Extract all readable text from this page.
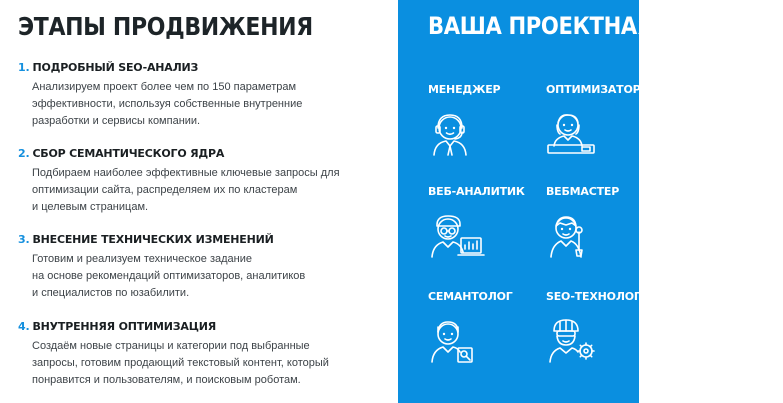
ЭТАПЫ ПРОДВИЖЕНИЯ
1. ПОДРОБНЫЙ SEO-АНАЛИЗ
Анализируем проект более чем по 150 параметрам
эффективности, используя собственные внутренние
разработки и сервисы компании.
2. СБОР СЕМАНТИЧЕСКОГО ЯДРА
Подбираем наиболее эффективные ключевые запросы для
оптимизации сайта, распределяем их по кластерам
и целевым страницам.
3. ВНЕСЕНИЕ ТЕХНИЧЕСКИХ ИЗМЕНЕНИЙ
Готовим и реализуем техническое задание
на основе рекомендаций оптимизаторов, аналитиков
и специалистов по юзабилити.
4. ВНУТРЕННЯЯ ОПТИМИЗАЦИЯ
Создаём новые страницы и категории под выбранные
запросы, готовим продающий текстовый контент, который
понравится и пользователям, и поисковым роботам.
ВАША ПРОЕКТНАЯ КОМАНДА
МЕНЕДЖЕР	ОПТИМИЗАТОР
ВЕБ-АНАЛИТИК	ВЕБМАСТЕР
СЕМАНТОЛОГ	SEO-ТЕХНОЛОГ
